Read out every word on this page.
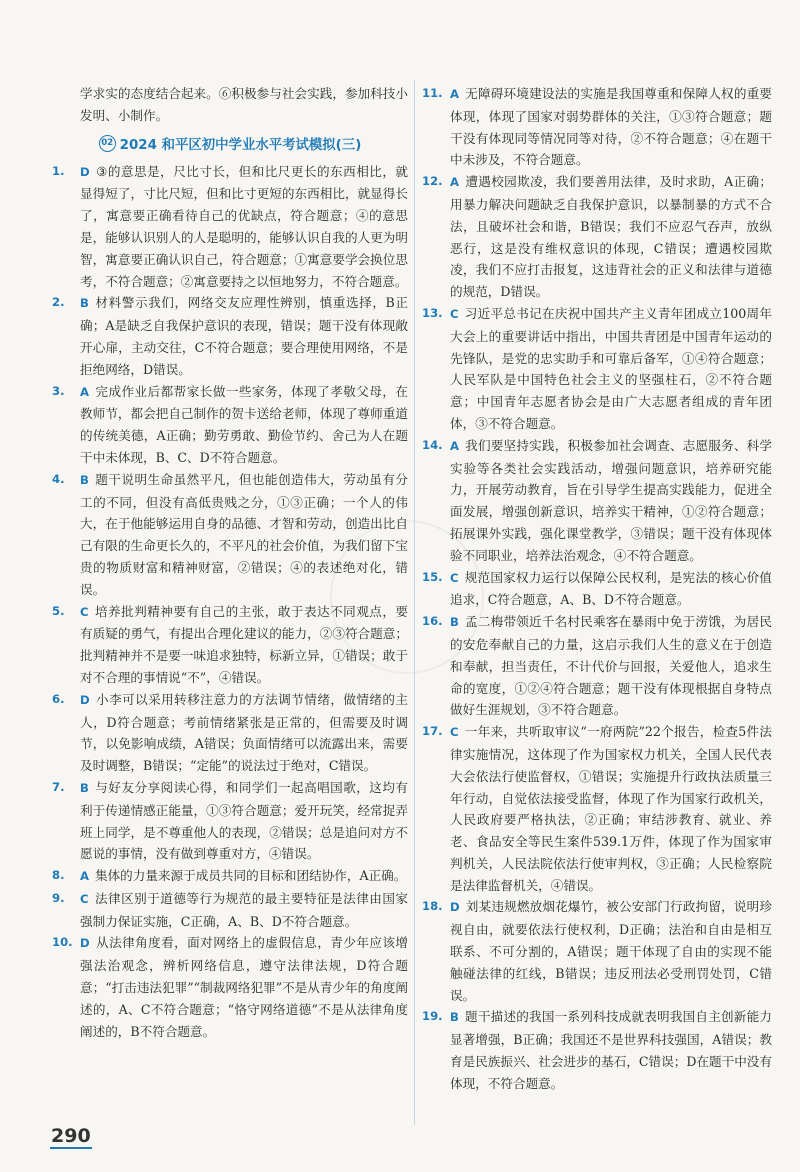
学求实的态度结合起来。⑥积极参与社会实践，参加科技小发明、小制作。

02 2024 和平区初中学业水平考试模拟(三)
1.	D ③的意思是，尺比寸长，但和比尺更长的东西相比，就显得短了，寸比尺短，但和比寸更短的东西相比，就显得长了，寓意要正确看待自己的优缺点，符合题意；④的意思是，能够认识别人的人是聪明的，能够认识自我的人更为明智，寓意要正确认识自己，符合题意；①寓意要学会换位思考，不符合题意；②寓意要持之以恒地努力，不符合题意。
2.	B 材料警示我们，网络交友应理性辨别，慎重选择，B正确；A是缺乏自我保护意识的表现，错误；题干没有体现敞开心扉，主动交往，C不符合题意；要合理使用网络，不是拒绝网络，D错误。
3.	A 完成作业后都帮家长做一些家务，体现了孝敬父母，在教师节，都会把自己制作的贺卡送给老师，体现了尊师重道的传统美德，A正确；勤劳勇敢、勤俭节约、舍己为人在题干中未体现，B、C、D不符合题意。
4.	B 题干说明生命虽然平凡，但也能创造伟大，劳动虽有分工的不同，但没有高低贵贱之分，①③正确；一个人的伟大，在于他能够运用自身的品德、才智和劳动，创造出比自己有限的生命更长久的，不平凡的社会价值，为我们留下宝贵的物质财富和精神财富，②错误；④的表述绝对化，错误。
5.	C 培养批判精神要有自己的主张，敢于表达不同观点，要有质疑的勇气，有提出合理化建议的能力，②③符合题意；批判精神并不是要一味追求独特，标新立异，①错误；敢于对不合理的事情说“不”，④错误。
6.	D 小李可以采用转移注意力的方法调节情绪，做情绪的主人，D符合题意；考前情绪紧张是正常的，但需要及时调节，以免影响成绩，A错误；负面情绪可以流露出来，需要及时调整，B错误；“定能”的说法过于绝对，C错误。
7.	B 与好友分享阅读心得，和同学们一起高唱国歌，这均有利于传递情感正能量，①③符合题意；爱开玩笑，经常捉弄班上同学，是不尊重他人的表现，②错误；总是追问对方不愿说的事情，没有做到尊重对方，④错误。
8.	A 集体的力量来源于成员共同的目标和团结协作，A正确。
9.	C 法律区别于道德等行为规范的最主要特征是法律由国家强制力保证实施，C正确，A、B、D不符合题意。
10. D 从法律角度看，面对网络上的虚假信息，青少年应该增强法治观念，辨析网络信息，遵守法律法规，D符合题意；“打击违法犯罪”“制裁网络犯罪”不是从青少年的角度阐述的，A、C不符合题意；“恪守网络道德”不是从法律角度阐述的，B不符合题意。
11. A 无障碍环境建设法的实施是我国尊重和保障人权的重要体现，体现了国家对弱势群体的关注，①③符合题意；题干没有体现同等情况同等对待，②不符合题意；④在题干中未涉及，不符合题意。
12. A 遭遇校园欺凌，我们要善用法律，及时求助，A正确；用暴力解决问题缺乏自我保护意识，以暴制暴的方式不合法，且破坏社会和谐，B错误；我们不应忍气吞声，放纵恶行，这是没有维权意识的体现，C错误；遭遇校园欺凌，我们不应打击报复，这违背社会的正义和法律与道德的规范，D错误。
13. C 习近平总书记在庆祝中国共产主义青年团成立100周年大会上的重要讲话中指出，中国共青团是中国青年运动的先锋队，是党的忠实助手和可靠后备军，①④符合题意；人民军队是中国特色社会主义的坚强柱石，②不符合题意；中国青年志愿者协会是由广大志愿者组成的青年团体，③不符合题意。
14. A 我们要坚持实践，积极参加社会调查、志愿服务、科学实验等各类社会实践活动，增强问题意识，培养研究能力，开展劳动教育，旨在引导学生提高实践能力，促进全面发展，增强创新意识，培养实干精神，①②符合题意；拓展课外实践，强化课堂教学，③错误；题干没有体现体验不同职业，培养法治观念，④不符合题意。
15. C 规范国家权力运行以保障公民权利，是宪法的核心价值追求，C符合题意，A、B、D不符合题意。
16. B 孟二梅带领近千名村民乘客在暴雨中免于涝饿，为居民的安危奉献自己的力量，这启示我们人生的意义在于创造和奉献，担当责任，不计代价与回报，关爱他人，追求生命的宽度，①②④符合题意；题干没有体现根据自身特点做好生涯规划，③不符合题意。
17. C 一年来，共听取审议“一府两院”22个报告，检查5件法律实施情况，这体现了作为国家权力机关，全国人民代表大会依法行使监督权，①错误；实施提升行政执法质量三年行动，自觉依法接受监督，体现了作为国家行政机关，人民政府要严格执法，②正确；审结涉教育、就业、养老、食品安全等民生案件539.1万件，体现了作为国家审判机关，人民法院依法行使审判权，③正确；人民检察院是法律监督机关，④错误。
18. D 刘某违规燃放烟花爆竹，被公安部门行政拘留，说明珍视自由，就要依法行使权利，D正确；法治和自由是相互联系、不可分割的，A错误；题干体现了自由的实现不能触碰法律的红线，B错误；违反刑法必受刑罚处罚，C错误。
19. B 题干描述的我国一系列科技成就表明我国自主创新能力显著增强，B正确；我国还不是世界科技强国，A错误；教育是民族振兴、社会进步的基石，C错误；D在题干中没有体现，不符合题意。
290
